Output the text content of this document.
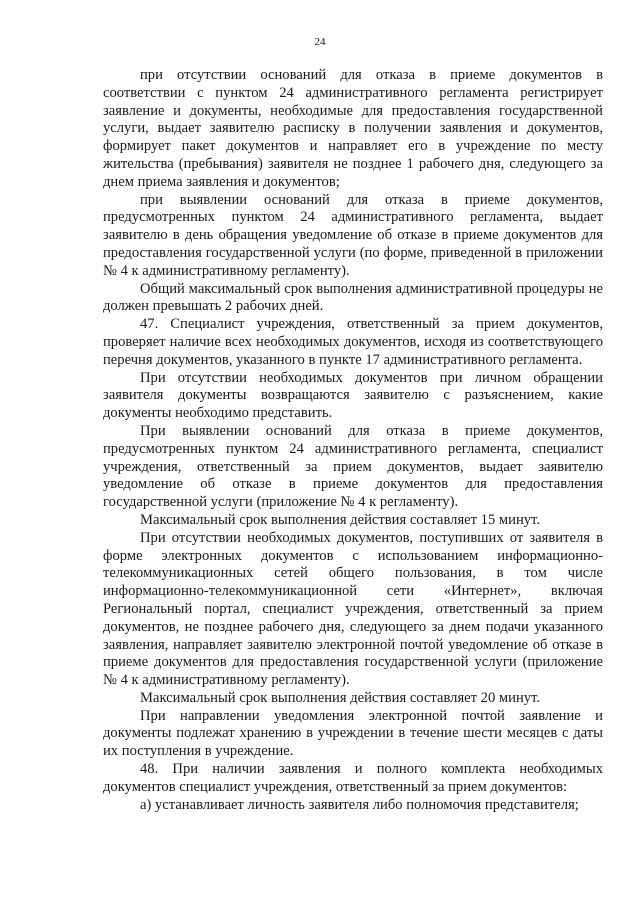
24

при отсутствии оснований для отказа в приеме документов в соответствии с пунктом 24 административного регламента регистрирует заявление и документы, необходимые для предоставления государственной услуги, выдает заявителю расписку в получении заявления и документов, формирует пакет документов и направляет его в учреждение по месту жительства (пребывания) заявителя не позднее 1 рабочего дня, следующего за днем приема заявления и документов;

при выявлении оснований для отказа в приеме документов, предусмотренных пунктом 24 административного регламента, выдает заявителю в день обращения уведомление об отказе в приеме документов для предоставления государственной услуги (по форме, приведенной в приложении № 4 к административному регламенту).

Общий максимальный срок выполнения административной процедуры не должен превышать 2 рабочих дней.

47. Специалист учреждения, ответственный за прием документов, проверяет наличие всех необходимых документов, исходя из соответствующего перечня документов, указанного в пункте 17 административного регламента.

При отсутствии необходимых документов при личном обращении заявителя документы возвращаются заявителю с разъяснением, какие документы необходимо представить.

При выявлении оснований для отказа в приеме документов, предусмотренных пунктом 24 административного регламента, специалист учреждения, ответственный за прием документов, выдает заявителю уведомление об отказе в приеме документов для предоставления государственной услуги (приложение № 4 к регламенту).

Максимальный срок выполнения действия составляет 15 минут.

При отсутствии необходимых документов, поступивших от заявителя в форме электронных документов с использованием информационно-телекоммуникационных сетей общего пользования, в том числе информационно-телекоммуникационной сети «Интернет», включая Региональный портал, специалист учреждения, ответственный за прием документов, не позднее рабочего дня, следующего за днем подачи указанного заявления, направляет заявителю электронной почтой уведомление об отказе в приеме документов для предоставления государственной услуги (приложение № 4 к административному регламенту).

Максимальный срок выполнения действия составляет 20 минут.

При направлении уведомления электронной почтой заявление и документы подлежат хранению в учреждении в течение шести месяцев с даты их поступления в учреждение.

48. При наличии заявления и полного комплекта необходимых документов специалист учреждения, ответственный за прием документов:

а) устанавливает личность заявителя либо полномочия представителя;
